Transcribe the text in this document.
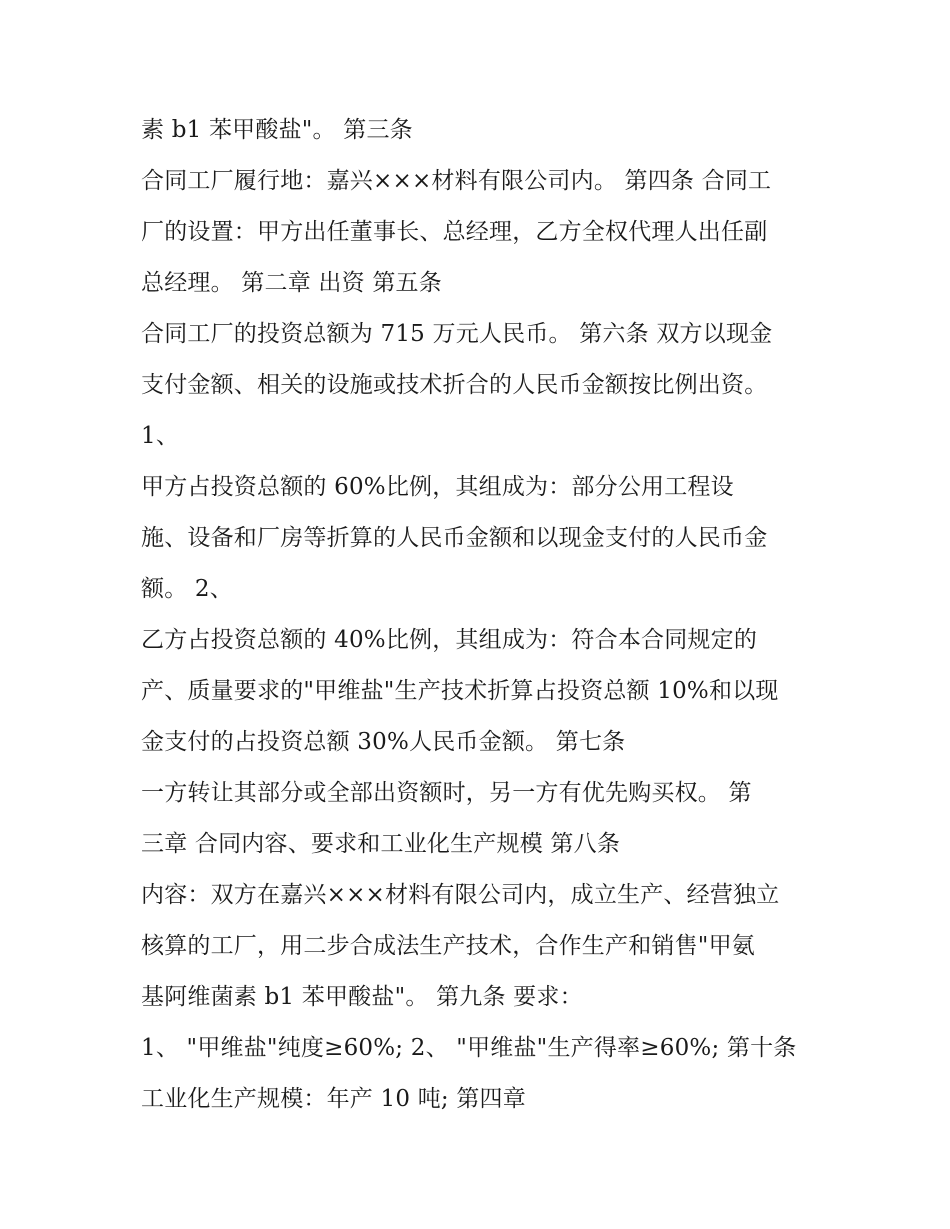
素 b1 苯甲酸盐"。 第三条
合同工厂履行地：嘉兴×××材料有限公司内。 第四条 合同工
厂的设置：甲方出任董事长、总经理，乙方全权代理人出任副
总经理。 第二章 出资 第五条
合同工厂的投资总额为 715 万元人民币。 第六条 双方以现金
支付金额、相关的设施或技术折合的人民币金额按比例出资。
1、
甲方占投资总额的 60%比例，其组成为：部分公用工程设
施、设备和厂房等折算的人民币金额和以现金支付的人民币金
额。 2、
乙方占投资总额的 40%比例，其组成为：符合本合同规定的
产、质量要求的"甲维盐"生产技术折算占投资总额 10%和以现
金支付的占投资总额 30%人民币金额。 第七条
一方转让其部分或全部出资额时，另一方有优先购买权。 第
三章 合同内容、要求和工业化生产规模 第八条
内容：双方在嘉兴×××材料有限公司内，成立生产、经营独立
核算的工厂，用二步合成法生产技术，合作生产和销售"甲氨
基阿维菌素 b1 苯甲酸盐"。 第九条 要求：
1、 "甲维盐"纯度≥60%; 2、 "甲维盐"生产得率≥60%; 第十条
工业化生产规模：年产 10 吨; 第四章
